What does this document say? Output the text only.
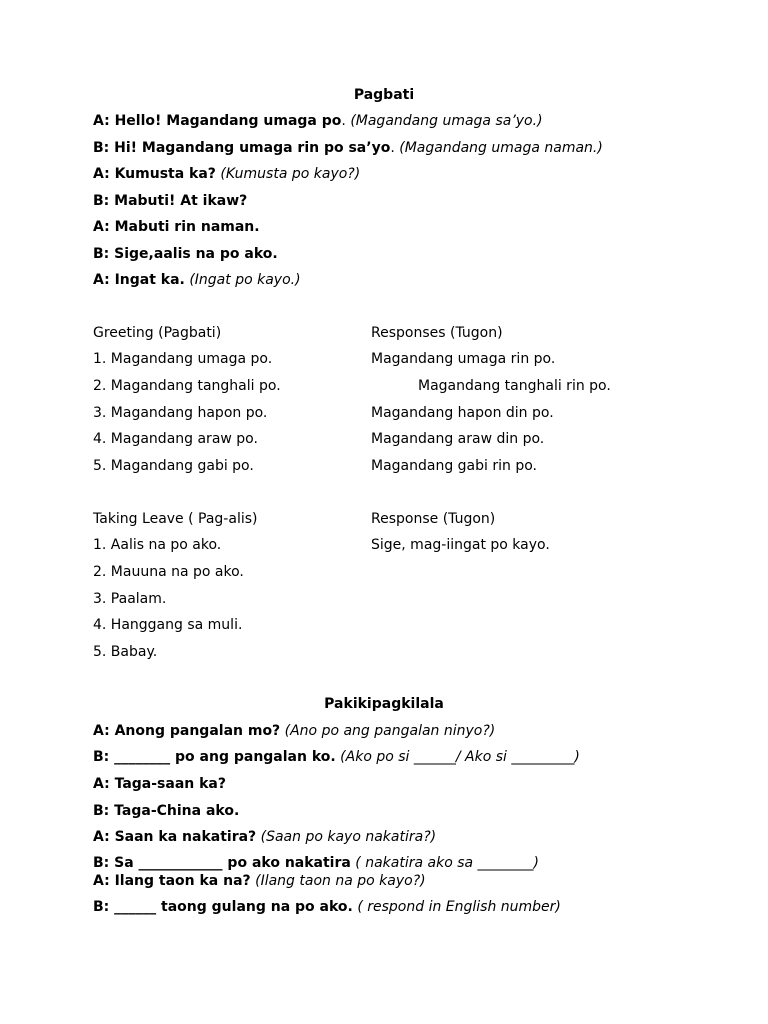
Pagbati
A: Hello! Magandang umaga po. (Magandang umaga sa’yo.)
B: Hi! Magandang umaga rin po sa’yo. (Magandang umaga naman.)
A: Kumusta ka? (Kumusta po kayo?)
B: Mabuti! At ikaw?
A: Mabuti rin naman.
B: Sige,aalis na po ako.
A: Ingat ka. (Ingat po kayo.)
Greeting (Pagbati)	Responses (Tugon)
1. Magandang umaga po.
2. Magandang tanghali po.
3. Magandang hapon po.
4. Magandang araw po.
5. Magandang gabi po.
Magandang umaga rin po.
Magandang tanghali rin po.
Magandang hapon din po.
Magandang araw din po.
Magandang gabi rin po.
Taking Leave ( Pag-alis)	Response (Tugon)
1. Aalis na po ako.
2. Mauuna na po ako.
3. Paalam.
4. Hanggang sa muli.
5. Babay.
Sige, mag-iingat po kayo.
Pakikipagkilala
A: Anong pangalan mo? (Ano po ang pangalan ninyo?)
B: ________ po ang pangalan ko. (Ako po si ______/ Ako si _________)
A: Taga-saan ka?
B: Taga-China ako.
A: Saan ka nakatira? (Saan po kayo nakatira?)
B: Sa ____________ po ako nakatira ( nakatira ako sa ________)
A: Ilang taon ka na? (Ilang taon na po kayo?)
B: ______ taong gulang na po ako. ( respond in English number)
